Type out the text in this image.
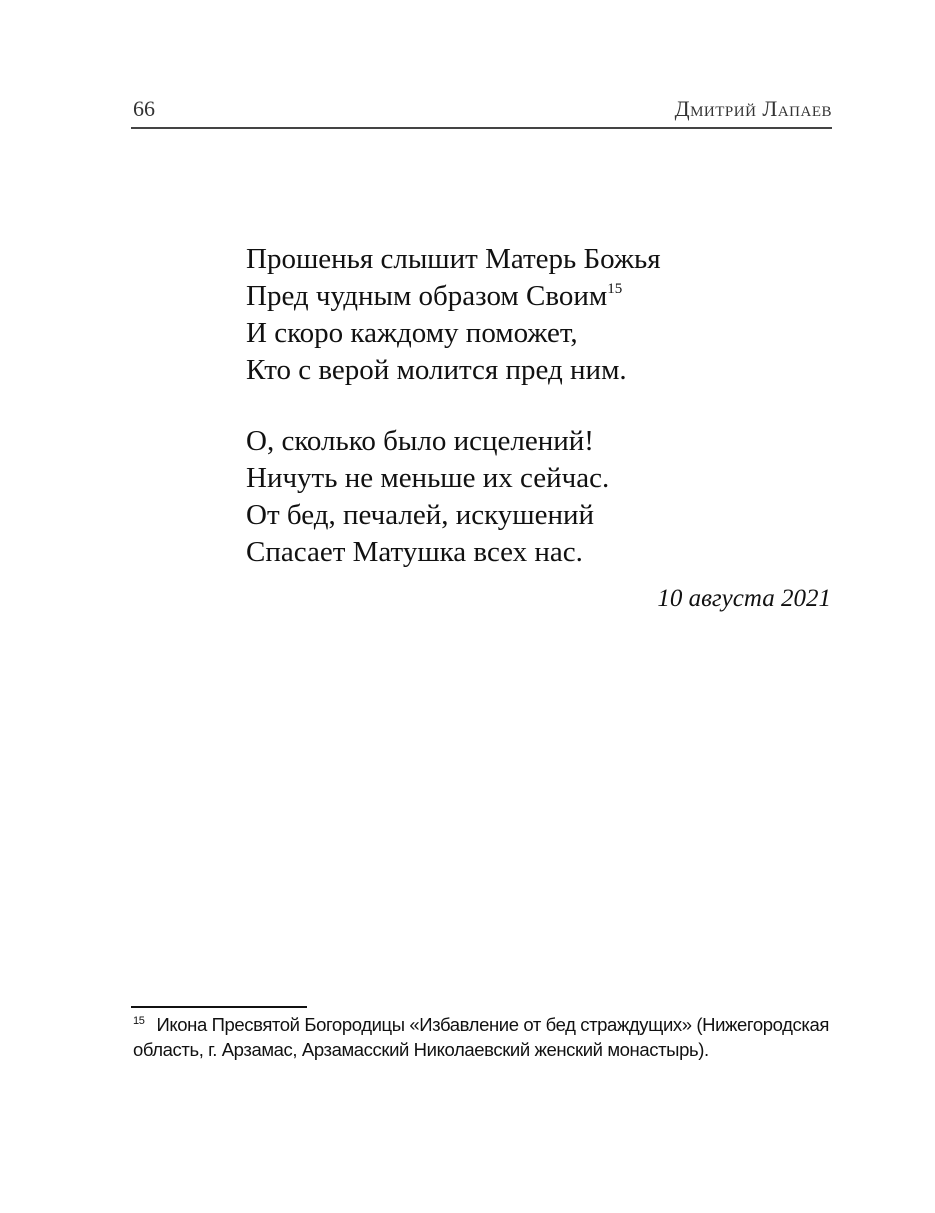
66	Дмитрий Лапаев
Прошенья слышит Матерь Божья
Пред чудным образом Своим$^{15}$
И скоро каждому поможет,
Кто с верой молится пред ним.
О, сколько было исцелений!
Ничуть не меньше их сейчас.
От бед, печалей, искушений
Спасает Матушка всех нас.
10 августа 2021
$^{15}$ Икона Пресвятой Богородицы «Избавление от бед страждущих» (Нижегородская область, г. Арзамас, Арзамасский Николаевский женский монастырь).
